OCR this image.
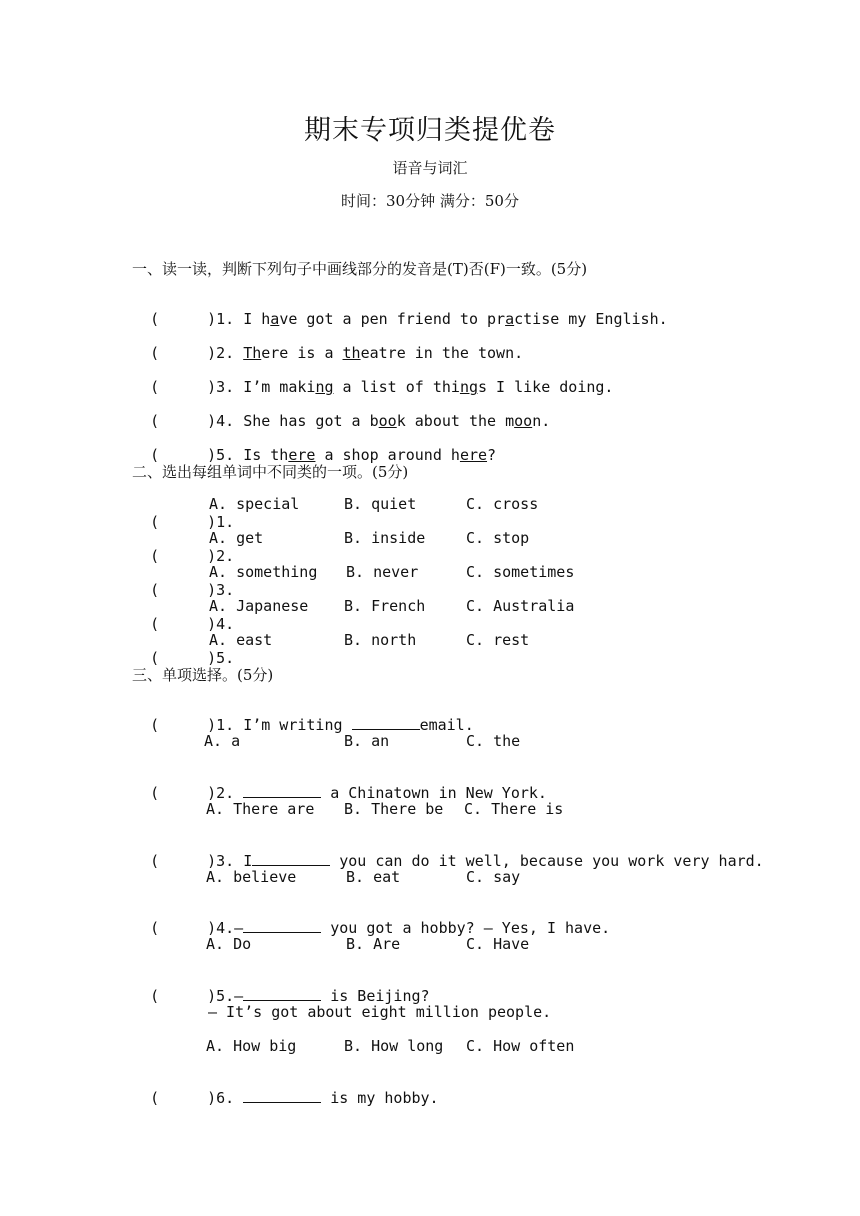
期末专项归类提优卷
语音与词汇
时间：30分钟 满分：50分
一、读一读，判断下列句子中画线部分的发音是(T)否(F)一致。(5分)

(	)1. I have got a pen friend to practise my English.

(	)2. There is a theatre in the town.

(	)3. I’m making a list of things I like doing.

(	)4. She has got a book about the moon.

(	)5. Is there a shop around here?

二、选出每组单词中不同类的一项。(5分)

(	)1.

A. special

	B. quiet

	C. cross

(	)2.

A. get

	B. inside

	C. stop

(	)3.

A. something

B. never

	C. sometimes

(	)4.

A. Japanese

B. French

	C. Australia

(	)5.

A. east

	B. north

	C. rest

三、单项选择。(5分)

(	)1. I’m writing	email.

A. a

	B. an

	C. the

(	)2.	a Chinatown in New York.

A. There are

B. There be

C. There is

(	)3. I	you can do it well, because you work very hard.

A. believe

	B. eat

	C. say

(	)4.—	you got a hobby? — Yes, I have.

A. Do

	B. Are

	C. Have

(	)5.—	is Beijing?

— It’s got about eight million people.

A. How big

	B. How long

C. How often

(	)6.	is my hobby.
